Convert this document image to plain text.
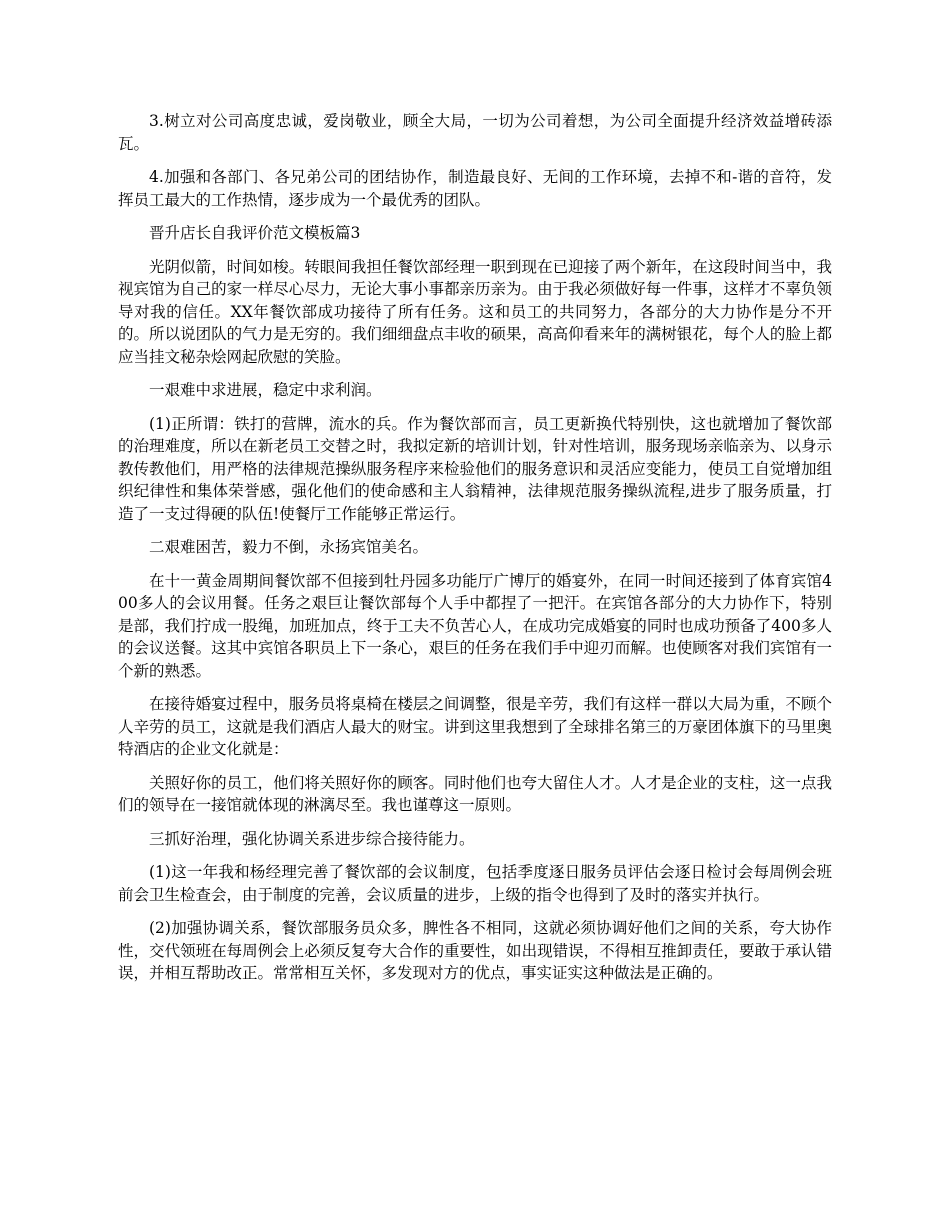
3.树立对公司高度忠诚，爱岗敬业，顾全大局，一切为公司着想，为公司全面提升经济效益增砖添瓦。

4.加强和各部门、各兄弟公司的团结协作，制造最良好、无间的工作环境，去掉不和-谐的音符，发挥员工最大的工作热情，逐步成为一个最优秀的团队。

晋升店长自我评价范文模板篇3

光阴似箭，时间如梭。转眼间我担任餐饮部经理一职到现在已迎接了两个新年，在这段时间当中，我视宾馆为自己的家一样尽心尽力，无论大事小事都亲历亲为。由于我必须做好每一件事，这样才不辜负领导对我的信任。XX年餐饮部成功接待了所有任务。这和员工的共同努力，各部分的大力协作是分不开的。所以说团队的气力是无穷的。我们细细盘点丰收的硕果，高高仰看来年的满树银花，每个人的脸上都应当挂文秘杂烩网起欣慰的笑脸。

一艰难中求进展，稳定中求利润。

(1)正所谓：铁打的营牌，流水的兵。作为餐饮部而言，员工更新换代特别快，这也就增加了餐饮部的治理难度，所以在新老员工交替之时，我拟定新的培训计划，针对性培训，服务现场亲临亲为、以身示教传教他们，用严格的法律规范操纵服务程序来检验他们的服务意识和灵活应变能力，使员工自觉增加组织纪律性和集体荣誉感，强化他们的使命感和主人翁精神，法律规范服务操纵流程,进步了服务质量，打造了一支过得硬的队伍!使餐厅工作能够正常运行。

二艰难困苦，毅力不倒，永扬宾馆美名。

在十一黄金周期间餐饮部不但接到牡丹园多功能厅广博厅的婚宴外，在同一时间还接到了体育宾馆400多人的会议用餐。任务之艰巨让餐饮部每个人手中都捏了一把汗。在宾馆各部分的大力协作下，特别是部，我们拧成一股绳，加班加点，终于工夫不负苦心人，在成功完成婚宴的同时也成功预备了400多人的会议送餐。这其中宾馆各职员上下一条心，艰巨的任务在我们手中迎刃而解。也使顾客对我们宾馆有一个新的熟悉。

在接待婚宴过程中，服务员将桌椅在楼层之间调整，很是辛劳，我们有这样一群以大局为重，不顾个人辛劳的员工，这就是我们酒店人最大的财宝。讲到这里我想到了全球排名第三的万豪团体旗下的马里奥特酒店的企业文化就是：

关照好你的员工，他们将关照好你的顾客。同时他们也夸大留住人才。人才是企业的支柱，这一点我们的领导在一接馆就体现的淋漓尽至。我也谨尊这一原则。

三抓好治理，强化协调关系进步综合接待能力。

(1)这一年我和杨经理完善了餐饮部的会议制度，包括季度逐日服务员评估会逐日检讨会每周例会班前会卫生检查会，由于制度的完善，会议质量的进步，上级的指令也得到了及时的落实并执行。

(2)加强协调关系，餐饮部服务员众多，脾性各不相同，这就必须协调好他们之间的关系，夸大协作性，交代领班在每周例会上必须反复夸大合作的重要性，如出现错误，不得相互推卸责任，要敢于承认错误，并相互帮助改正。常常相互关怀，多发现对方的优点，事实证实这种做法是正确的。
